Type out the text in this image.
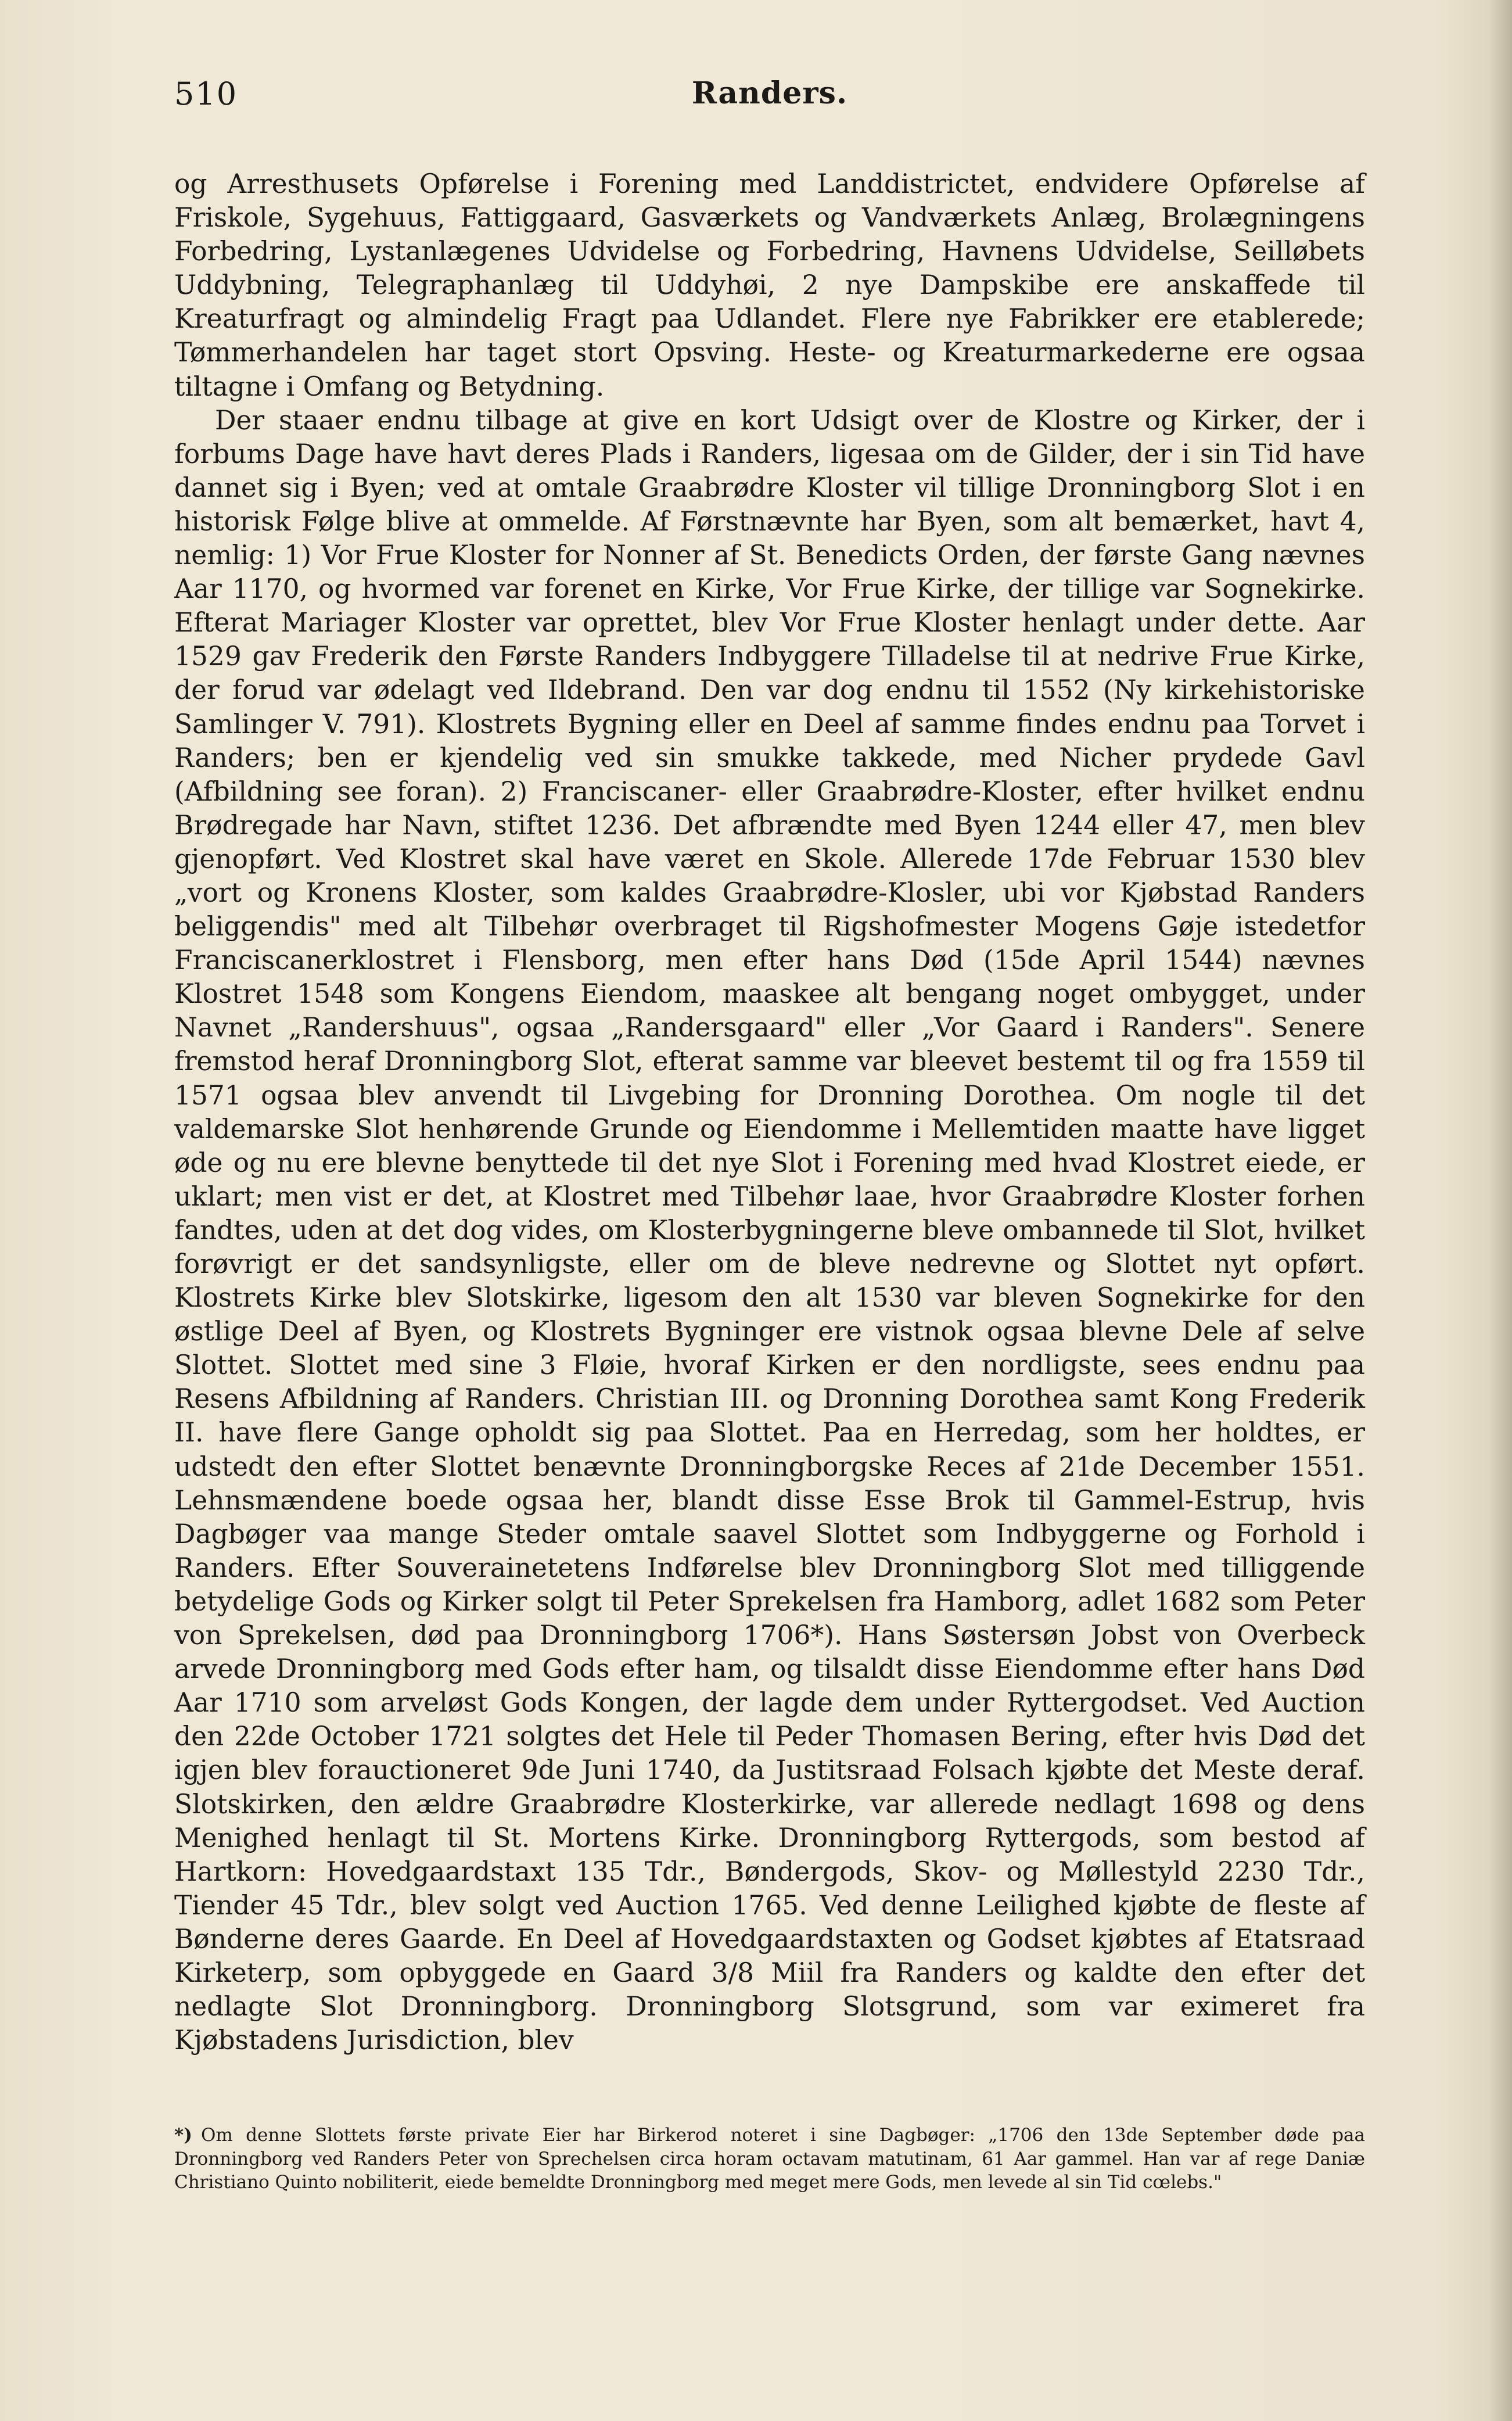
510	Randers.

og Arresthusets Opførelse i Forening med Landdistrictet, endvidere Opførelse af Friskole, Sygehuus, Fattiggaard, Gasværkets og Vandværkets Anlæg, Brolægningens Forbedring, Lystanlægenes Udvidelse og Forbedring, Havnens Udvidelse, Seilløbets Uddybning, Telegraphanlæg til Uddyhøi, 2 nye Dampskibe ere anskaffede til Kreaturfragt og almindelig Fragt paa Udlandet. Flere nye Fabrikker ere etablerede; Tømmerhandelen har taget stort Opsving. Heste- og Kreaturmarkederne ere ogsaa tiltagne i Omfang og Betydning.

Der staaer endnu tilbage at give en kort Udsigt over de Klostre og Kirker, der i forbums Dage have havt deres Plads i Randers, ligesaa om de Gilder, der i sin Tid have dannet sig i Byen; ved at omtale Graabrødre Kloster vil tillige Dronningborg Slot i en historisk Følge blive at ommelde. Af Førstnævnte har Byen, som alt bemærket, havt 4, nemlig: 1) Vor Frue Kloster for Nonner af St. Benedicts Orden, der første Gang nævnes Aar 1170, og hvormed var forenet en Kirke, Vor Frue Kirke, der tillige var Sognekirke. Efterat Mariager Kloster var oprettet, blev Vor Frue Kloster henlagt under dette. Aar 1529 gav Frederik den Første Randers Indbyggere Tilladelse til at nedrive Frue Kirke, der forud var ødelagt ved Ildebrand. Den var dog endnu til 1552 (Ny kirkehistoriske Samlinger V. 791). Klostrets Bygning eller en Deel af samme findes endnu paa Torvet i Randers; ben er kjendelig ved sin smukke takkede, med Nicher prydede Gavl (Afbildning see foran). 2) Franciscaner- eller Graabrødre-Kloster, efter hvilket endnu Brødregade har Navn, stiftet 1236. Det afbrændte med Byen 1244 eller 47, men blev gjenopført. Ved Klostret skal have været en Skole. Allerede 17de Februar 1530 blev „vort og Kronens Kloster, som kaldes Graabrødre-Klosler, ubi vor Kjøbstad Randers beliggendis" med alt Tilbehør overbraget til Rigshofmester Mogens Gøje istedetfor Franciscanerklostret i Flensborg, men efter hans Død (15de April 1544) nævnes Klostret 1548 som Kongens Eiendom, maaskee alt bengang noget ombygget, under Navnet „Randershuus", ogsaa „Randersgaard" eller „Vor Gaard i Randers". Senere fremstod heraf Dronningborg Slot, efterat samme var bleevet bestemt til og fra 1559 til 1571 ogsaa blev anvendt til Livgebing for Dronning Dorothea. Om nogle til det valdemarske Slot henhørende Grunde og Eiendomme i Mellemtiden maatte have ligget øde og nu ere blevne benyttede til det nye Slot i Forening med hvad Klostret eiede, er uklart; men vist er det, at Klostret med Tilbehør laae, hvor Graabrødre Kloster forhen fandtes, uden at det dog vides, om Klosterbygningerne bleve ombannede til Slot, hvilket forøvrigt er det sandsynligste, eller om de bleve nedrevne og Slottet nyt opført. Klostrets Kirke blev Slotskirke, ligesom den alt 1530 var bleven Sognekirke for den østlige Deel af Byen, og Klostrets Bygninger ere vistnok ogsaa blevne Dele af selve Slottet. Slottet med sine 3 Fløie, hvoraf Kirken er den nordligste, sees endnu paa Resens Afbildning af Randers. Christian III. og Dronning Dorothea samt Kong Frederik II. have flere Gange opholdt sig paa Slottet. Paa en Herredag, som her holdtes, er udstedt den efter Slottet benævnte Dronningborgske Reces af 21de December 1551. Lehnsmændene boede ogsaa her, blandt disse Esse Brok til Gammel-Estrup, hvis Dagbøger vaa mange Steder omtale saavel Slottet som Indbyggerne og Forhold i Randers. Efter Souverainetetens Indførelse blev Dronningborg Slot med tilliggende betydelige Gods og Kirker solgt til Peter Sprekelsen fra Hamborg, adlet 1682 som Peter von Sprekelsen, død paa Dronningborg 1706*). Hans Søstersøn Jobst von Overbeck arvede Dronningborg med Gods efter ham, og tilsaldt disse Eiendomme efter hans Død Aar 1710 som arveløst Gods Kongen, der lagde dem under Ryttergodset. Ved Auction den 22de October 1721 solgtes det Hele til Peder Thomasen Bering, efter hvis Død det igjen blev forauctioneret 9de Juni 1740, da Justitsraad Folsach kjøbte det Meste deraf. Slotskirken, den ældre Graabrødre Klosterkirke, var allerede nedlagt 1698 og dens Menighed henlagt til St. Mortens Kirke. Dronningborg Ryttergods, som bestod af Hartkorn: Hovedgaardstaxt 135 Tdr., Bøndergods, Skov- og Møllestyld 2230 Tdr., Tiender 45 Tdr., blev solgt ved Auction 1765. Ved denne Leilighed kjøbte de fleste af Bønderne deres Gaarde. En Deel af Hovedgaardstaxten og Godset kjøbtes af Etatsraad Kirketerp, som opbyggede en Gaard 3/8 Miil fra Randers og kaldte den efter det nedlagte Slot Dronningborg. Dronningborg Slotsgrund, som var eximeret fra Kjøbstadens Jurisdiction, blev

*) Om denne Slottets første private Eier har Birkerod noteret i sine Dagbøger: „1706 den 13de September døde paa Dronningborg ved Randers Peter von Sprechelsen circa horam octavam matutinam, 61 Aar gammel. Han var af rege Daniæ Christiano Quinto nobiliterit, eiede bemeldte Dronningborg med meget mere Gods, men levede al sin Tid cœlebs."
